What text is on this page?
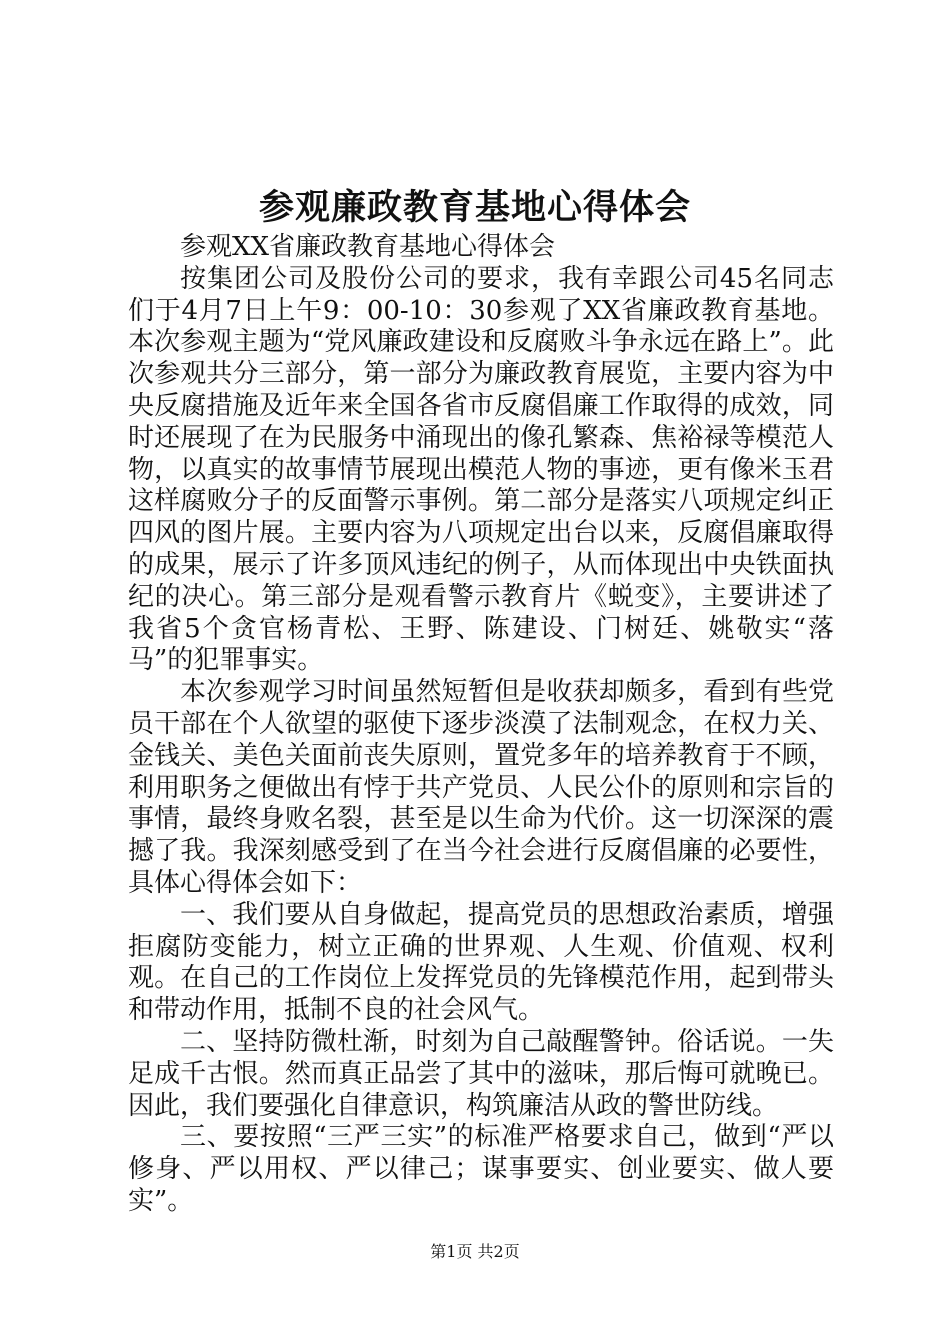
参观廉政教育基地心得体会

参观XX省廉政教育基地心得体会

按集团公司及股份公司的要求，我有幸跟公司45名同志们于4月7日上午9：00-10：30参观了XX省廉政教育基地。本次参观主题为“党风廉政建设和反腐败斗争永远在路上”。此次参观共分三部分，第一部分为廉政教育展览，主要内容为中央反腐措施及近年来全国各省市反腐倡廉工作取得的成效，同时还展现了在为民服务中涌现出的像孔繁森、焦裕禄等模范人物，以真实的故事情节展现出模范人物的事迹，更有像米玉君这样腐败分子的反面警示事例。第二部分是落实八项规定纠正四风的图片展。主要内容为八项规定出台以来，反腐倡廉取得的成果，展示了许多顶风违纪的例子，从而体现出中央铁面执纪的决心。第三部分是观看警示教育片《蜕变》，主要讲述了我省5个贪官杨青松、王野、陈建设、门树廷、姚敬实“落马”的犯罪事实。

本次参观学习时间虽然短暂但是收获却颇多，看到有些党员干部在个人欲望的驱使下逐步淡漠了法制观念，在权力关、金钱关、美色关面前丧失原则，置党多年的培养教育于不顾，利用职务之便做出有悖于共产党员、人民公仆的原则和宗旨的事情，最终身败名裂，甚至是以生命为代价。这一切深深的震撼了我。我深刻感受到了在当今社会进行反腐倡廉的必要性，具体心得体会如下：

一、我们要从自身做起，提高党员的思想政治素质，增强拒腐防变能力，树立正确的世界观、人生观、价值观、权利观。在自己的工作岗位上发挥党员的先锋模范作用，起到带头和带动作用，抵制不良的社会风气。

二、坚持防微杜渐，时刻为自己敲醒警钟。俗话说。一失足成千古恨。然而真正品尝了其中的滋味，那后悔可就晚已。因此，我们要强化自律意识，构筑廉洁从政的警世防线。

三、要按照“三严三实”的标准严格要求自己，做到“严以修身、严以用权、严以律己；谋事要实、创业要实、做人要实”。

第1页 共2页
